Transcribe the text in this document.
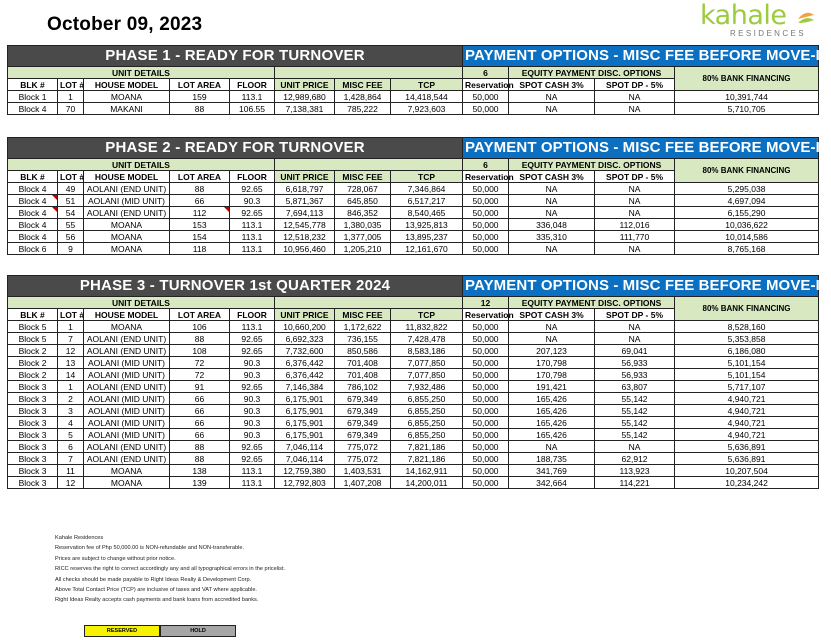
October 09, 2023	kahale
RESIDENCES
PHASE 1 - READY FOR TURNOVER								PAYMENT OPTIONS - MISC FEE BEFORE MOVE-IN			
UNIT DETAILS								6	EQUITY PAYMENT DISC. OPTIONS		80% BANK FINANCING
BLK #	LOT #	HOUSE MODEL	LOT AREA	FLOOR	UNIT PRICE	MISC FEE	TCP	Reservation	SPOT CASH 3%	SPOT DP - 5%	
Block 1	1	MOANA	159	113.1	12,989,680	1,428,864	14,418,544	50,000	NA	NA	10,391,744
Block 4	70	MAKANI	88	106.55	7,138,381	785,222	7,923,603	50,000	NA	NA	5,710,705
PHASE 2 - READY FOR TURNOVER								PAYMENT OPTIONS - MISC FEE BEFORE MOVE-IN			
UNIT DETAILS								6	EQUITY PAYMENT DISC. OPTIONS		80% BANK FINANCING
BLK #	LOT #	HOUSE MODEL	LOT AREA	FLOOR	UNIT PRICE	MISC FEE	TCP	Reservation	SPOT CASH 3%	SPOT DP - 5%	
Block 4	49	AOLANI (END UNIT)	88	92.65	6,618,797	728,067	7,346,864	50,000	NA	NA	5,295,038
Block 4	51	AOLANI (MID UNIT)	66	90.3	5,871,367	645,850	6,517,217	50,000	NA	NA	4,697,094
Block 4	54	AOLANI (END UNIT)	112	92.65	7,694,113	846,352	8,540,465	50,000	NA	NA	6,155,290
Block 4	55	MOANA	153	113.1	12,545,778	1,380,035	13,925,813	50,000	336,048	112,016	10,036,622
Block 4	56	MOANA	154	113.1	12,518,232	1,377,005	13,895,237	50,000	335,310	111,770	10,014,586
Block 6	9	MOANA	118	113.1	10,956,460	1,205,210	12,161,670	50,000	NA	NA	8,765,168
PHASE 3 - TURNOVER 1st QUARTER 2024								PAYMENT OPTIONS - MISC FEE BEFORE MOVE-IN			
UNIT DETAILS								12	EQUITY PAYMENT DISC. OPTIONS		80% BANK FINANCING
BLK #	LOT #	HOUSE MODEL	LOT AREA	FLOOR	UNIT PRICE	MISC FEE	TCP	Reservation	SPOT CASH 3%	SPOT DP - 5%	
Block 5	1	MOANA	106	113.1	10,660,200	1,172,622	11,832,822	50,000	NA	NA	8,528,160
Block 5	7	AOLANI (END UNIT)	88	92.65	6,692,323	736,155	7,428,478	50,000	NA	NA	5,353,858
Block 2	12	AOLANI (END UNIT)	108	92.65	7,732,600	850,586	8,583,186	50,000	207,123	69,041	6,186,080
Block 2	13	AOLANI (MID UNIT)	72	90.3	6,376,442	701,408	7,077,850	50,000	170,798	56,933	5,101,154
Block 2	14	AOLANI (MID UNIT)	72	90.3	6,376,442	701,408	7,077,850	50,000	170,798	56,933	5,101,154
Block 3	1	AOLANI (END UNIT)	91	92.65	7,146,384	786,102	7,932,486	50,000	191,421	63,807	5,717,107
Block 3	2	AOLANI (MID UNIT)	66	90.3	6,175,901	679,349	6,855,250	50,000	165,426	55,142	4,940,721
Block 3	3	AOLANI (MID UNIT)	66	90.3	6,175,901	679,349	6,855,250	50,000	165,426	55,142	4,940,721
Block 3	4	AOLANI (MID UNIT)	66	90.3	6,175,901	679,349	6,855,250	50,000	165,426	55,142	4,940,721
Block 3	5	AOLANI (MID UNIT)	66	90.3	6,175,901	679,349	6,855,250	50,000	165,426	55,142	4,940,721
Block 3	6	AOLANI (END UNIT)	88	92.65	7,046,114	775,072	7,821,186	50,000	NA	NA	5,636,891
Block 3	7	AOLANI (END UNIT)	88	92.65	7,046,114	775,072	7,821,186	50,000	188,735	62,912	5,636,891
Block 3	11	MOANA	138	113.1	12,759,380	1,403,531	14,162,911	50,000	341,769	113,923	10,207,504
Block 3	12	MOANA	139	113.1	12,792,803	1,407,208	14,200,011	50,000	342,664	114,221	10,234,242
Kahale Residences
Reservation fee of Php 50,000.00 is NON-refundable and NON-transferable.
Prices are subject to change without prior notice.
RICC reserves the right to correct accordingly any and all typographical errors in the pricelist.
All checks should be made payable to Right Ideas Realty & Development Corp.
Above Total Contact Price (TCP) are inclusive of taxes and VAT where applicable.
Right Ideas Realty accepts cash payments and bank loans from accredited banks.
RESERVED	HOLD
